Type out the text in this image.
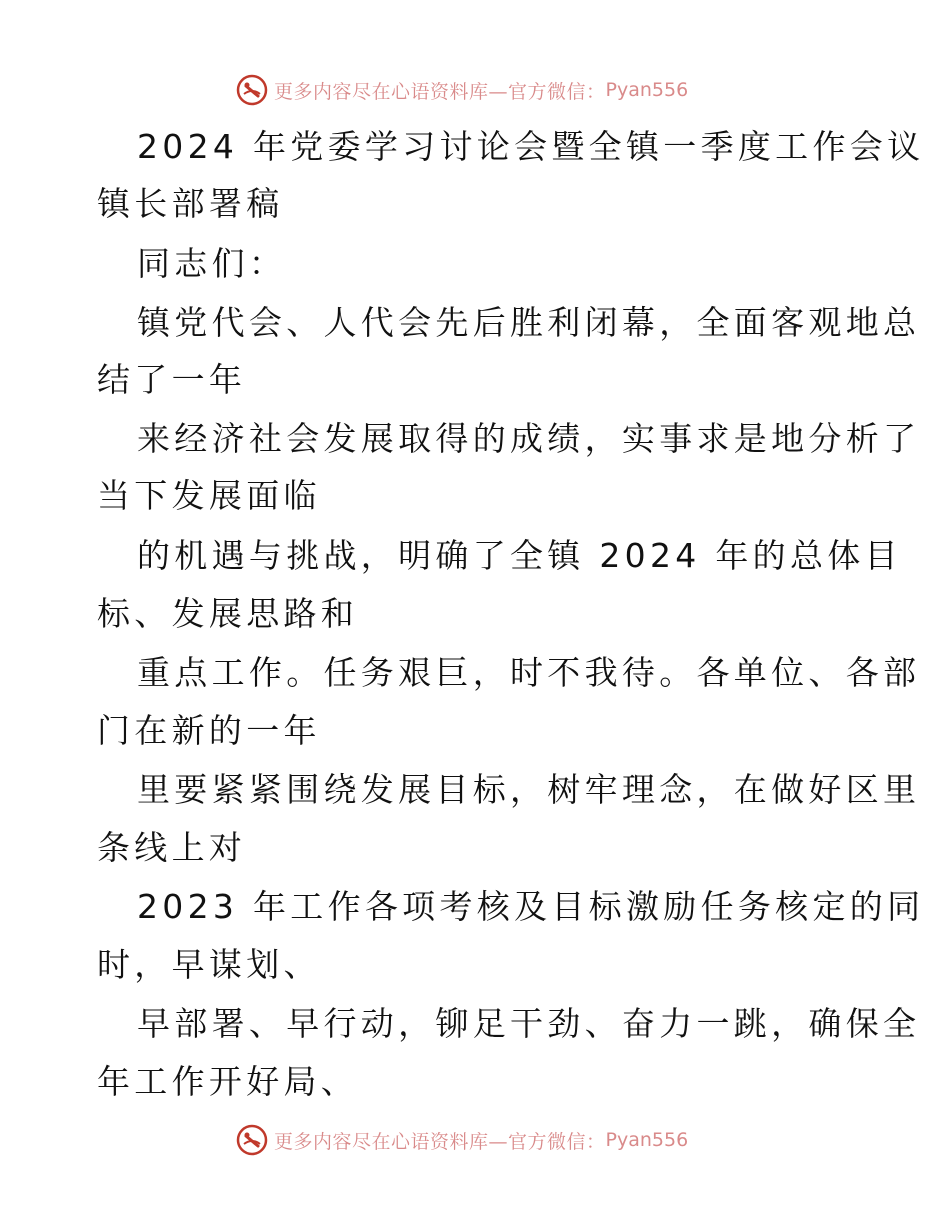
更多内容尽在心语资料库—官方微信： Pyan556
2024 年党委学习讨论会暨全镇一季度工作会议
镇长部署稿
同志们：
镇党代会、人代会先后胜利闭幕，全面客观地总
结了一年
来经济社会发展取得的成绩，实事求是地分析了
当下发展面临
的机遇与挑战，明确了全镇 2024 年的总体目
标、发展思路和
重点工作。任务艰巨，时不我待。各单位、各部
门在新的一年
里要紧紧围绕发展目标，树牢理念，在做好区里
条线上对
2023 年工作各项考核及目标激励任务核定的同
时，早谋划、
早部署、早行动，铆足干劲、奋力一跳，确保全
年工作开好局、
更多内容尽在心语资料库—官方微信： Pyan556
